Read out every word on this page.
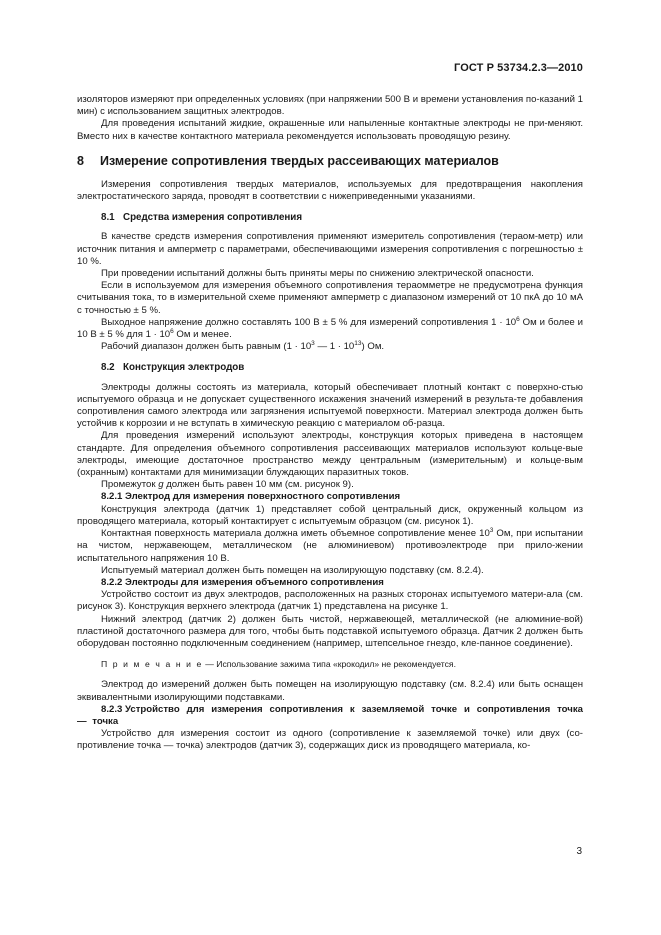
ГОСТ Р 53734.2.3—2010

изоляторов измеряют при определенных условиях (при напряжении 500 В и времени установления по-казаний 1 мин) с использованием защитных электродов.

Для проведения испытаний жидкие, окрашенные или напыленные контактные электроды не при-меняют. Вместо них в качестве контактного материала рекомендуется использовать проводящую резину.

8 Измерение сопротивления твердых рассеивающих материалов

Измерения сопротивления твердых материалов, используемых для предотвращения накопления электростатического заряда, проводят в соответствии с нижеприведенными указаниями.

8.1 Средства измерения сопротивления

В качестве средств измерения сопротивления применяют измеритель сопротивления (тераом-метр) или источник питания и амперметр с параметрами, обеспечивающими измерения сопротивления с погрешностью ± 10 %.

При проведении испытаний должны быть приняты меры по снижению электрической опасности.

Если в используемом для измерения объемного сопротивления тераомметре не предусмотрена функция считывания тока, то в измерительной схеме применяют амперметр с диапазоном измерений от 10 пкА до 10 мА с точностью ± 5 %.

Выходное напряжение должно составлять 100 В ± 5 % для измерений сопротивления $1 \cdot 10^6$ Ом и более и 10 В ± 5 % для $1 \cdot 10^6$ Ом и менее.

Рабочий диапазон должен быть равным ($1 \cdot 10^3$ — $1 \cdot 10^{13}$) Ом.

8.2 Конструкция электродов

Электроды должны состоять из материала, который обеспечивает плотный контакт с поверхно-стью испытуемого образца и не допускает существенного искажения значений измерений в результа-те добавления сопротивления самого электрода или загрязнения испытуемой поверхности. Материал электрода должен быть устойчив к коррозии и не вступать в химическую реакцию с материалом об-разца.

Для проведения измерений используют электроды, конструкция которых приведена в настоящем стандарте. Для определения объемного сопротивления рассеивающих материалов используют кольце-вые электроды, имеющие достаточное пространство между центральным (измерительным) и кольце-вым (охранным) контактами для минимизации блуждающих паразитных токов.

Промежуток g должен быть равен 10 мм (см. рисунок 9).

8.2.1 Электрод для измерения поверхностного сопротивления

Конструкция электрода (датчик 1) представляет собой центральный диск, окруженный кольцом из проводящего материала, который контактирует с испытуемым образцом (см. рисунок 1).

Контактная поверхность материала должна иметь объемное сопротивление менее $10^3$ Ом, при испытании на чистом, нержавеющем, металлическом (не алюминиевом) противоэлектроде при прило-жении испытательного напряжения 10 В.

Испытуемый материал должен быть помещен на изолирующую подставку (см. 8.2.4).

8.2.2 Электроды для измерения объемного сопротивления

Устройство состоит из двух электродов, расположенных на разных сторонах испытуемого матери-ала (см. рисунок 3). Конструкция верхнего электрода (датчик 1) представлена на рисунке 1.

Нижний электрод (датчик 2) должен быть чистой, нержавеющей, металлической (не алюминие-вой) пластиной достаточного размера для того, чтобы быть подставкой испытуемого образца. Датчик 2 должен быть оборудован постоянно подключенным соединением (например, штепсельное гнездо, кле-панное соединение).

П р и м е ч а н и е — Использование зажима типа «крокодил» не рекомендуется.

Электрод до измерений должен быть помещен на изолирующую подставку (см. 8.2.4) или быть оснащен эквивалентными изолирующими подставками.

8.2.3 Устройство для измерения сопротивления к заземляемой точке и сопротивления точка — точка

Устройство для измерения состоит из одного (сопротивление к заземляемой точке) или двух (со-противление точка — точка) электродов (датчик 3), содержащих диск из проводящего материала, ко-

3
